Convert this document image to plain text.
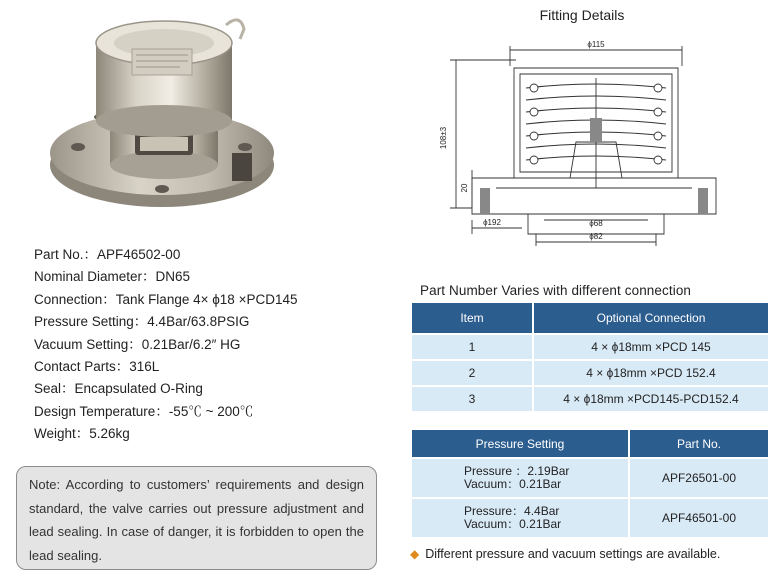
Part No.：APF46502-00
Nominal Diameter：DN65
Connection：Tank Flange 4× ϕ18 ×PCD145
Pressure Setting：4.4Bar/63.8PSIG
Vacuum Setting：0.21Bar/6.2″ HG
Contact Parts：316L
Seal：Encapsulated O-Ring
Design Temperature：-55℃ ~ 200℃
Weight：5.26kg
Note: According to customers’ requirements and design standard, the valve carries out pressure adjustment and lead sealing. In case of danger, it is forbidden to open the lead sealing.
Fitting Details
ϕ115
108±3
20
ϕ192	ϕ68
ϕ82
Part Number Varies with different connection
Item	Optional Connection
1	4 × ϕ18mm ×PCD 145
2	4 × ϕ18mm ×PCD 152.4
3	4 × ϕ18mm ×PCD145-PCD152.4
Pressure Setting	Part No.

Pressure ：2.19Bar
Vacuum：0.21Bar	APF26501-00

Pressure：4.4Bar
Vacuum：0.21Bar	APF46501-00
◆ Different pressure and vacuum settings are available.
